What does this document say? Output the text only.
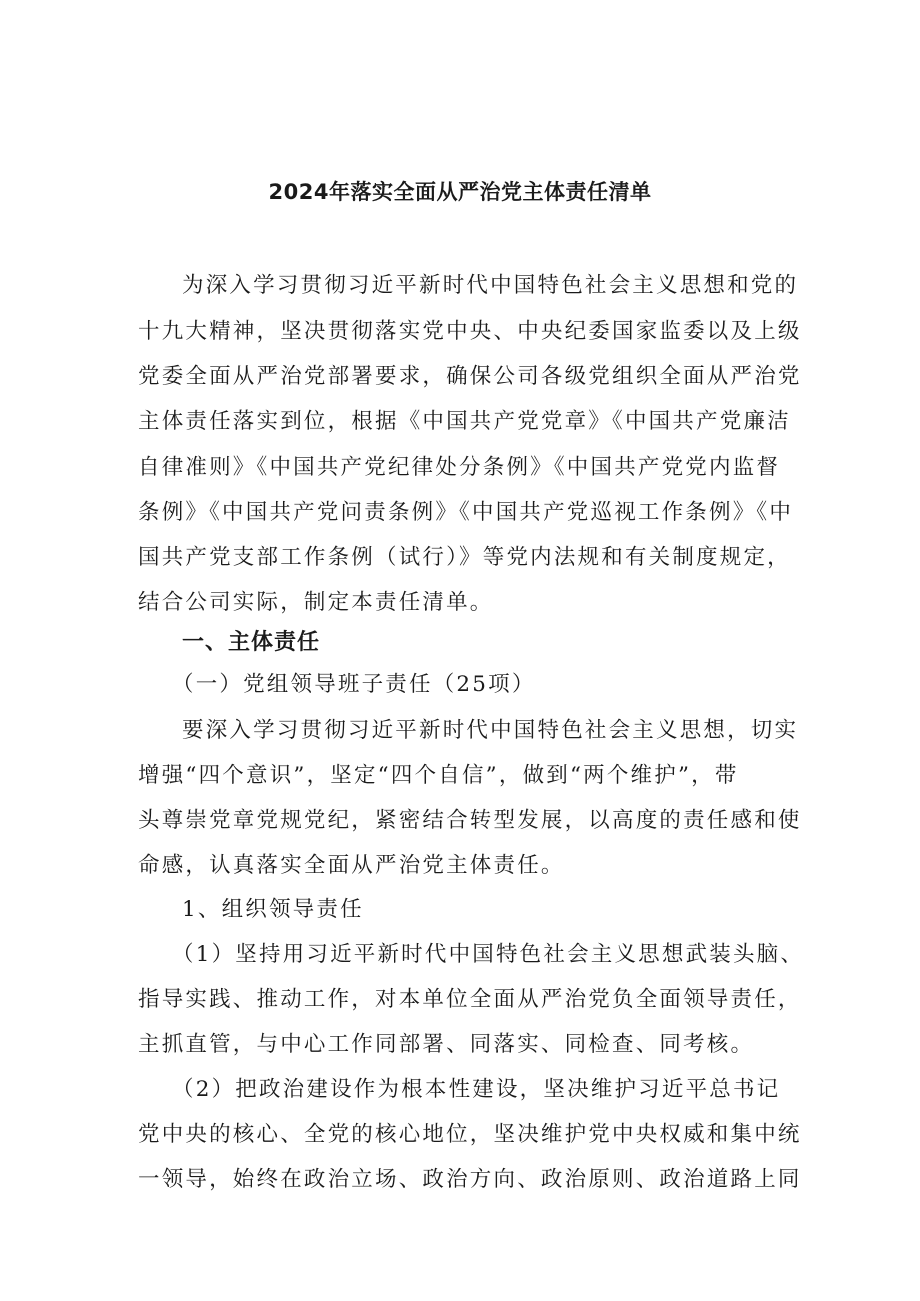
2024年落实全面从严治党主体责任清单
为深入学习贯彻习近平新时代中国特色社会主义思想和党的
十九大精神，坚决贯彻落实党中央、中央纪委国家监委以及上级
党委全面从严治党部署要求，确保公司各级党组织全面从严治党
主体责任落实到位，根据《中国共产党党章》《中国共产党廉洁
自律准则》《中国共产党纪律处分条例》《中国共产党党内监督
条例》《中国共产党问责条例》《中国共产党巡视工作条例》《中
国共产党支部工作条例（试行）》等党内法规和有关制度规定，
结合公司实际，制定本责任清单。
一、主体责任
（一）党组领导班子责任（25项）
要深入学习贯彻习近平新时代中国特色社会主义思想，切实
增强“四个意识”，坚定“四个自信”，做到“两个维护”，带
头尊崇党章党规党纪，紧密结合转型发展，以高度的责任感和使
命感，认真落实全面从严治党主体责任。
1、组织领导责任
（1）坚持用习近平新时代中国特色社会主义思想武装头脑、
指导实践、推动工作，对本单位全面从严治党负全面领导责任，
主抓直管，与中心工作同部署、同落实、同检查、同考核。
（2）把政治建设作为根本性建设，坚决维护习近平总书记
党中央的核心、全党的核心地位，坚决维护党中央权威和集中统
一领导，始终在政治立场、政治方向、政治原则、政治道路上同
